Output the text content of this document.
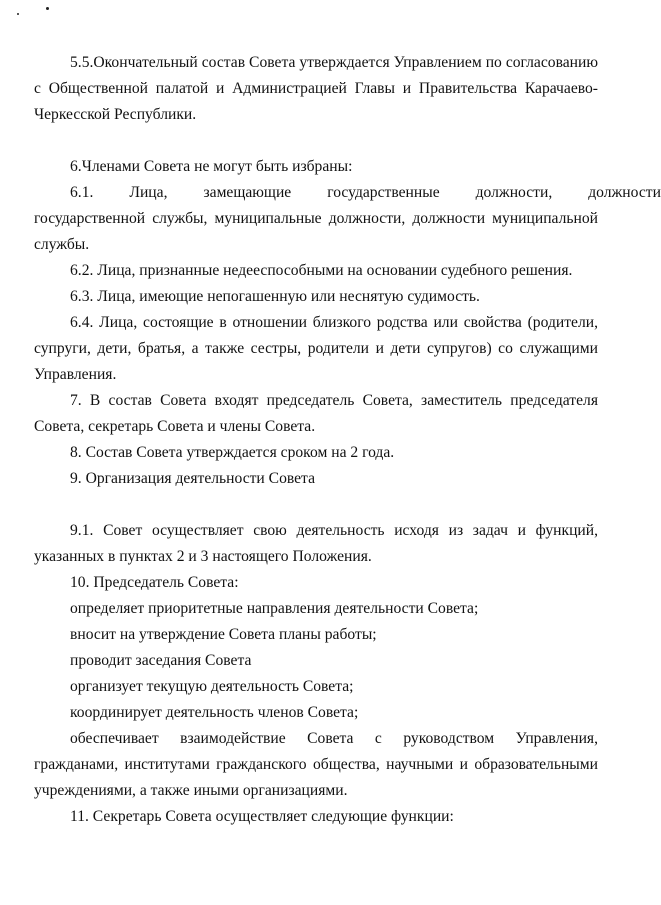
5.5.Окончательный состав Совета утверждается Управлением по согласованию с Общественной палатой и Администрацией Главы и Правительства Карачаево-Черкесской Республики.

6.Членами Совета не могут быть избраны:

6.1.	Лица,	замещающие	государственные	должности,	должности

государственной службы, муниципальные должности, должности муниципальной службы.

6.2. Лица, признанные недееспособными на основании судебного решения.

6.3. Лица, имеющие непогашенную или неснятую судимость.

6.4. Лица, состоящие в отношении близкого родства или свойства (родители, супруги, дети, братья, а также сестры, родители и дети супругов) со служащими Управления.

7. В состав Совета входят председатель Совета, заместитель председателя Совета, секретарь Совета и члены Совета.

8. Состав Совета утверждается сроком на 2 года.

9. Организация деятельности Совета

9.1. Совет осуществляет свою деятельность исходя из задач и функций, указанных в пунктах 2 и 3 настоящего Положения.

10. Председатель Совета:

определяет приоритетные направления деятельности Совета;

вносит на утверждение Совета планы работы;

проводит заседания Совета

организует текущую деятельность Совета;

координирует деятельность членов Совета;

обеспечивает взаимодействие Совета с руководством Управления, гражданами, институтами гражданского общества, научными и образовательными учреждениями, а также иными организациями.

11. Секретарь Совета осуществляет следующие функции:
